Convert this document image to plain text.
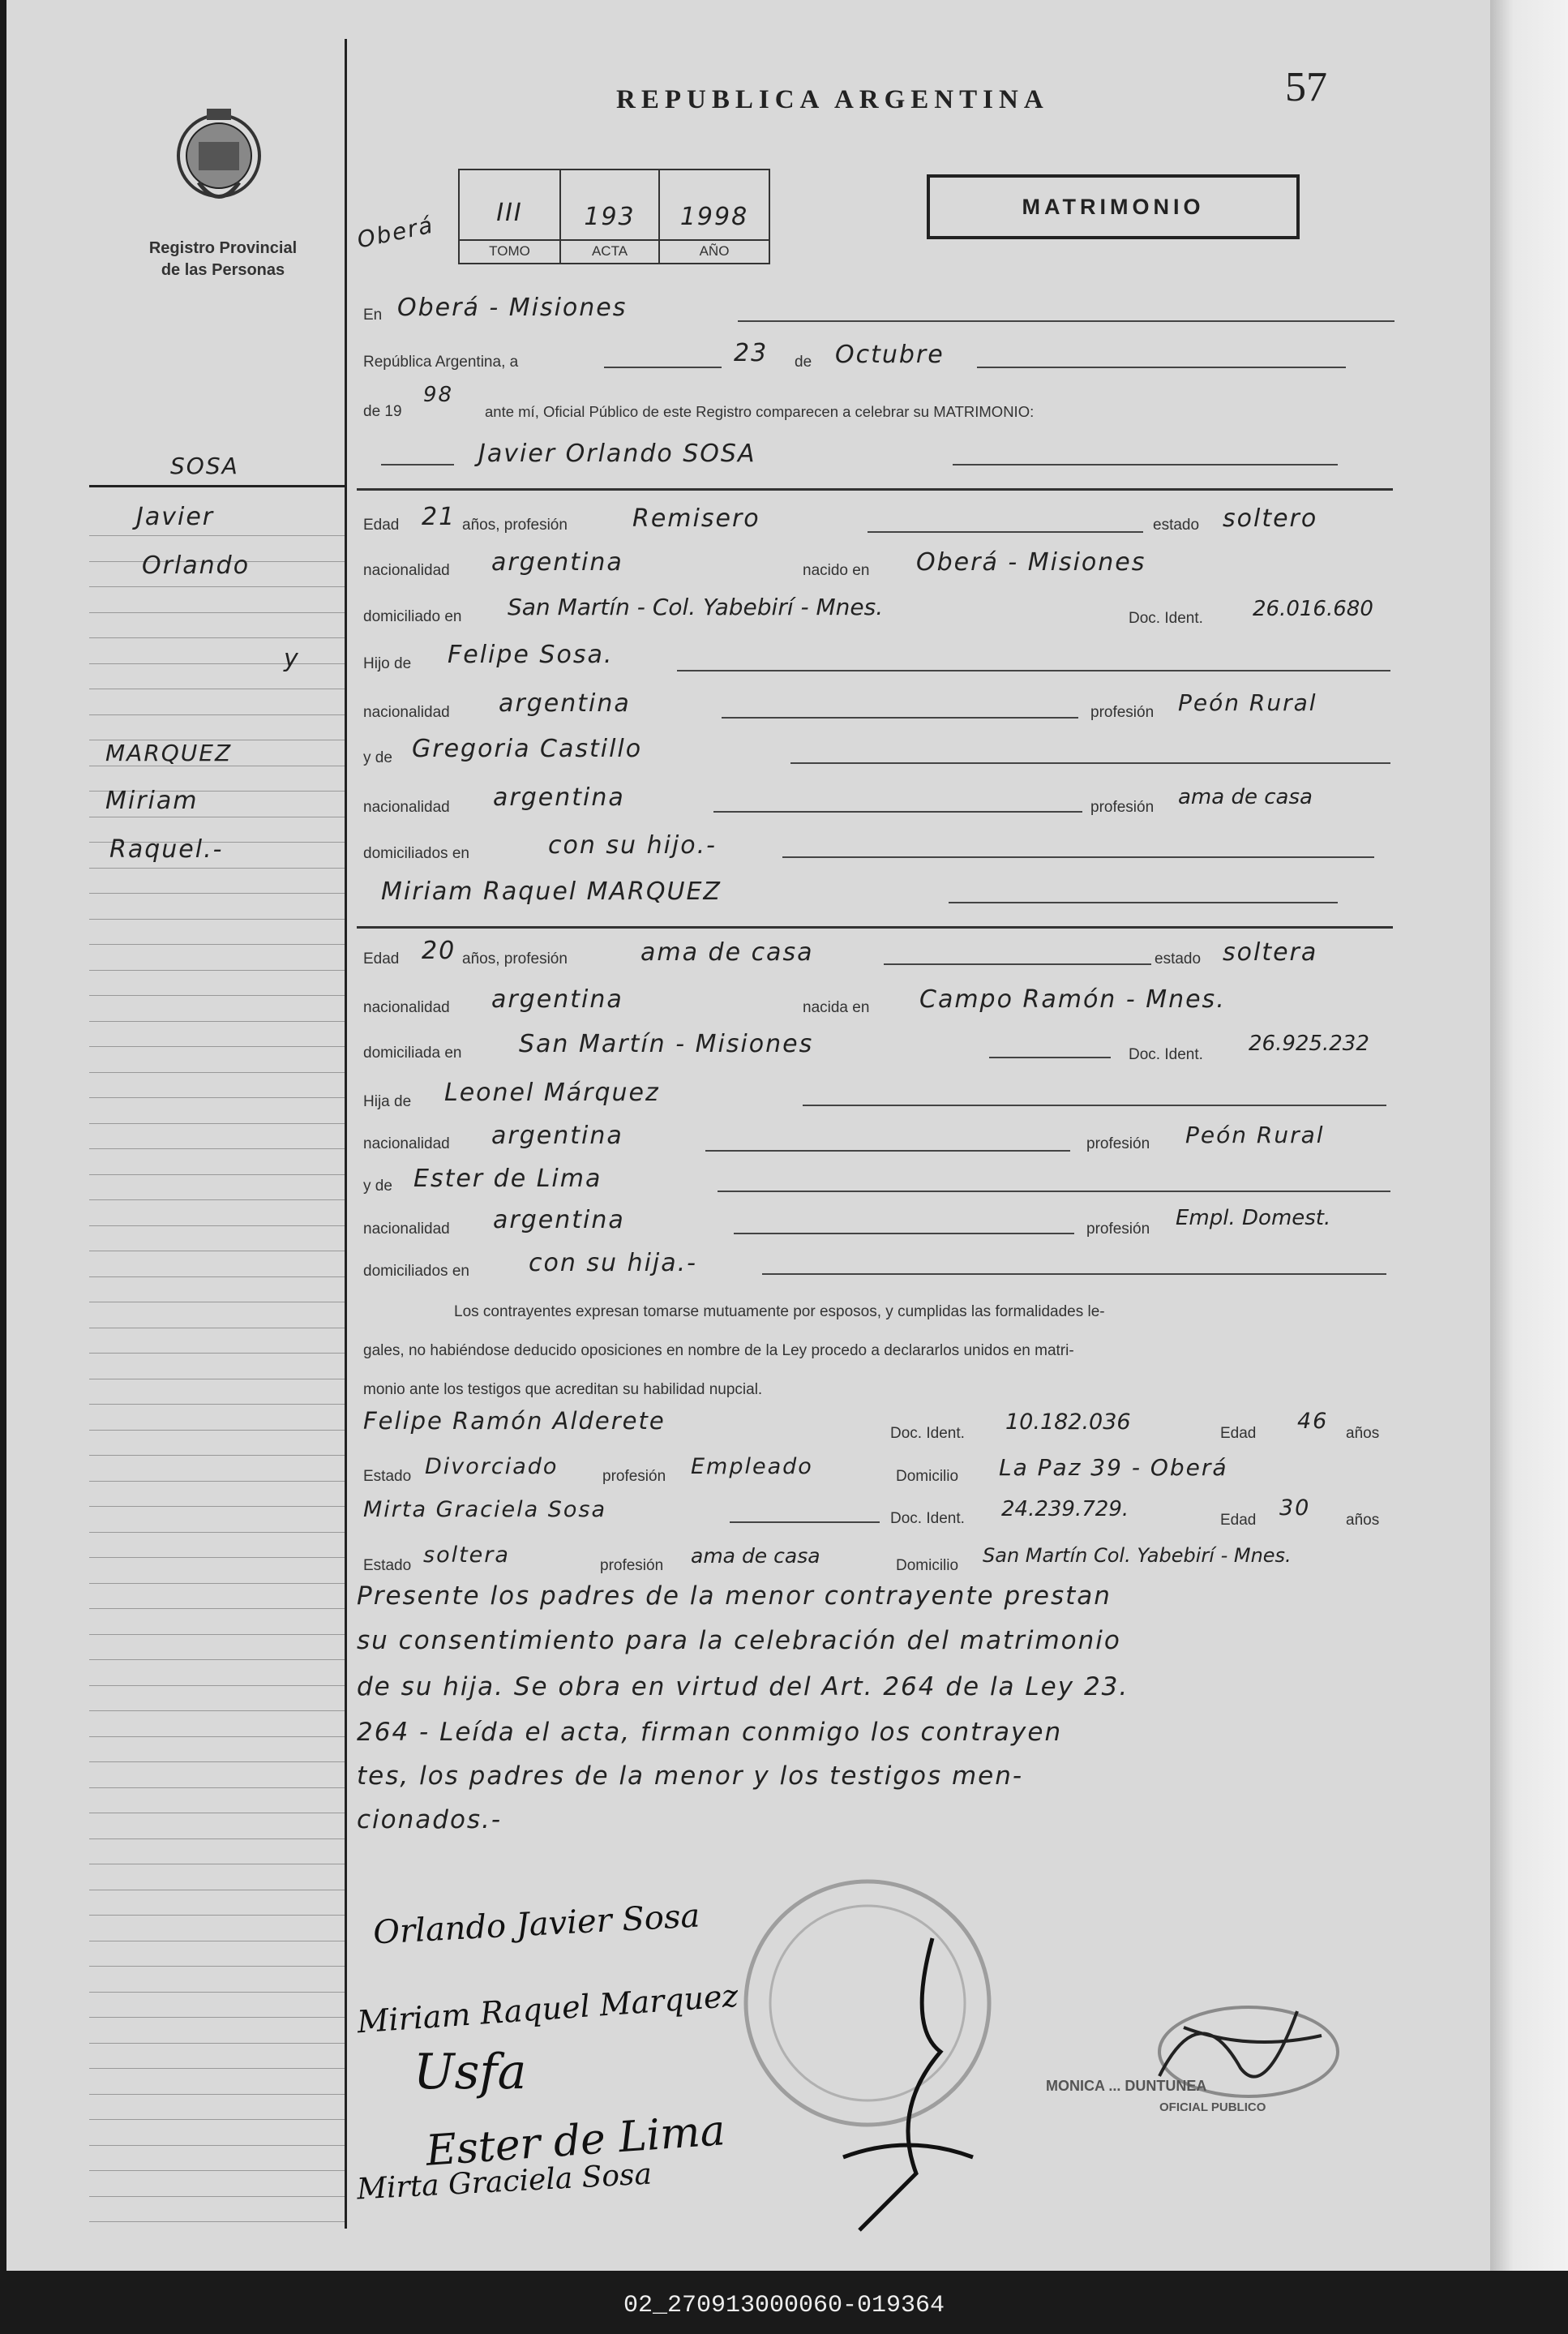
Registro Provincial
de las Personas
REPUBLICA ARGENTINA	57
MATRIMONIO
Oberá	III	193	1998
TOMO	ACTA	AÑO
SOSA
Javier
Orlando
y
MARQUEZ
Miriam
Raquel.-
En Oberá - Misiones
República Argentina, a	23 de Octubre
de 19
98
ante mí, Oficial Público de este Registro comparecen a celebrar su MATRIMONIO:
Javier Orlando SOSA
Edad 21 años, profesión	Remisero	estado soltero
nacionalidad argentina	nacido en Oberá - Misiones
domiciliado en San Martín - Col. Yabebirí - Mnes.	Doc. Ident. 26.016.680
Hijo de Felipe Sosa.
nacionalidad argentina	profesión Peón Rural
y de Gregoria Castillo
nacionalidad argentina	profesión ama de casa
domiciliados en	con su hijo.-
Miriam Raquel MARQUEZ
Edad 20 años, profesión	ama de casa	estado soltera
nacionalidad argentina	nacida en Campo Ramón - Mnes.
domiciliada en San Martín - Misiones	Doc. Ident. 26.925.232
Hija de Leonel Márquez
nacionalidad argentina	profesión Peón Rural
y de Ester de Lima
nacionalidad argentina	profesión Empl. Domest.
domiciliados en con su hija.-
Los contrayentes expresan tomarse mutuamente por esposos, y cumplidas las formalidades le-
gales, no habiéndose deducido oposiciones en nombre de la Ley procedo a declararlos unidos en matri-
monio ante los testigos que acreditan su habilidad nupcial.
Felipe Ramón Alderete	Doc. Ident. 10.182.036	Edad 46 años
Estado Divorciado	profesión Empleado	Domicilio La Paz 39 - Oberá
Mirta Graciela Sosa	Doc. Ident. 24.239.729.	Edad 30 años
Estado soltera	profesión ama de casa	Domicilio San Martín Col. Yabebirí - Mnes.
Presente los padres de la menor contrayente prestan
su consentimiento para la celebración del matrimonio
de su hija. Se obra en virtud del Art. 264 de la Ley 23.
264 - Leída el acta, firman conmigo los contrayen
tes, los padres de la menor y los testigos men-
cionados.-
MONICA ... DUNTUNEA
OFICIAL PUBLICO
Orlando Javier Sosa
Miriam Raquel Marquez
Usfa
Ester de Lima
Mirta Graciela Sosa
02_270913000060-019364
